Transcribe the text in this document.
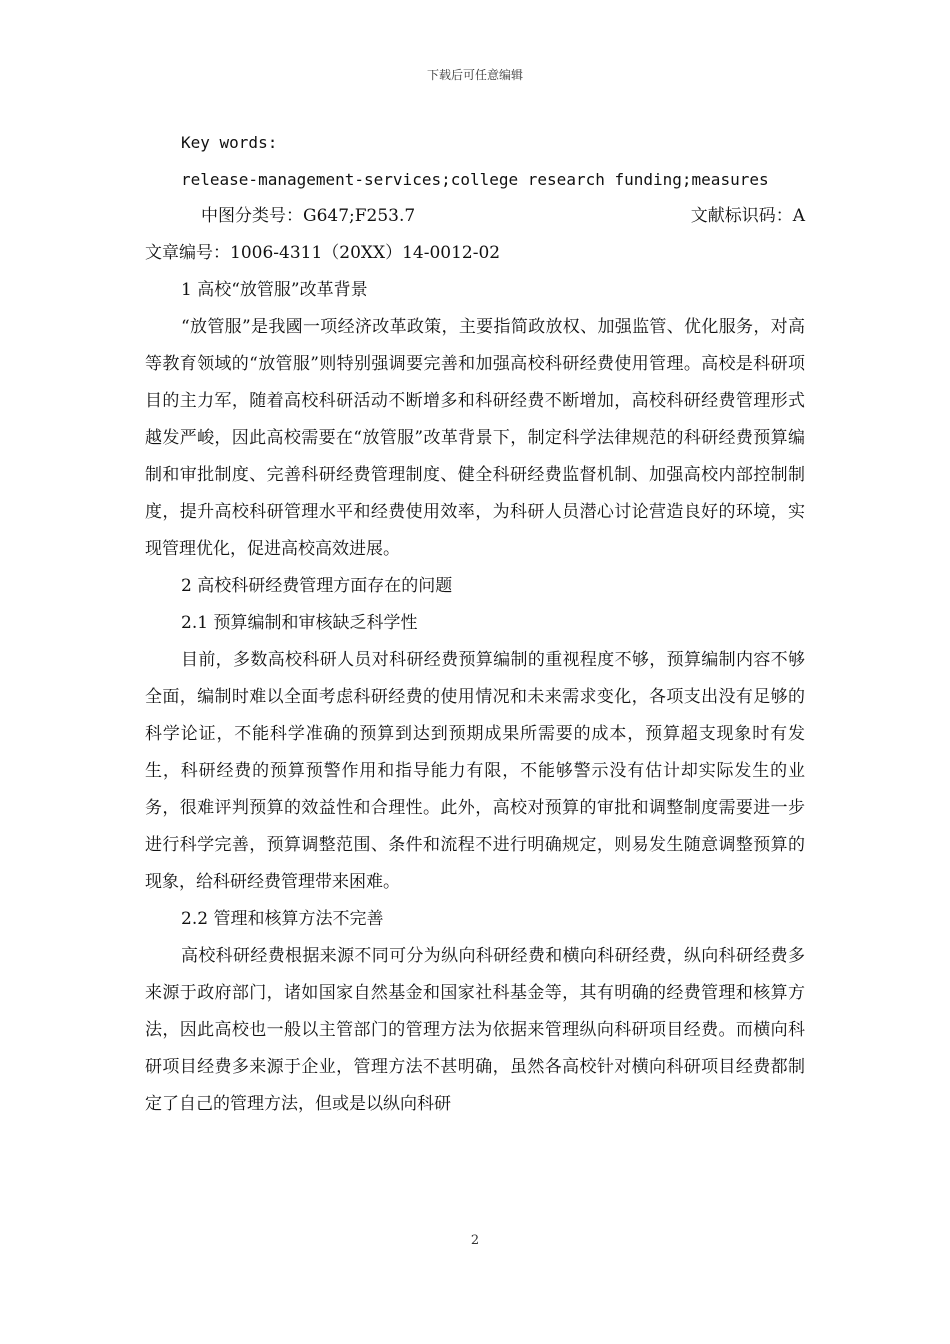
下载后可任意编辑
Key words:
release-management-services;college research funding;measures
中图分类号：G647;F253.7	文献标识码：A
文章编号：1006-4311（20XX）14-0012-02
1 高校“放管服”改革背景

“放管服”是我國一项经济改革政策，主要指简政放权、加强监管、优化服务，对高等教育领域的“放管服”则特别强调要完善和加强高校科研经费使用管理。高校是科研项目的主力军，随着高校科研活动不断增多和科研经费不断增加，高校科研经费管理形式越发严峻，因此高校需要在“放管服”改革背景下，制定科学法律规范的科研经费预算编制和审批制度、完善科研经费管理制度、健全科研经费监督机制、加强高校内部控制制度，提升高校科研管理水平和经费使用效率，为科研人员潜心讨论营造良好的环境，实现管理优化，促进高校高效进展。

2 高校科研经费管理方面存在的问题
2.1 预算编制和审核缺乏科学性

目前，多数高校科研人员对科研经费预算编制的重视程度不够，预算编制内容不够全面，编制时难以全面考虑科研经费的使用情况和未来需求变化，各项支出没有足够的科学论证，不能科学准确的预算到达到预期成果所需要的成本，预算超支现象时有发生，科研经费的预算预警作用和指导能力有限，不能够警示没有估计却实际发生的业务，很难评判预算的效益性和合理性。此外，高校对预算的审批和调整制度需要进一步进行科学完善，预算调整范围、条件和流程不进行明确规定，则易发生随意调整预算的现象，给科研经费管理带来困难。

2.2 管理和核算方法不完善

高校科研经费根据来源不同可分为纵向科研经费和横向科研经费，纵向科研经费多来源于政府部门，诸如国家自然基金和国家社科基金等，其有明确的经费管理和核算方法，因此高校也一般以主管部门的管理方法为依据来管理纵向科研项目经费。而横向科研项目经费多来源于企业，管理方法不甚明确，虽然各高校针对横向科研项目经费都制定了自己的管理方法，但或是以纵向科研

2
